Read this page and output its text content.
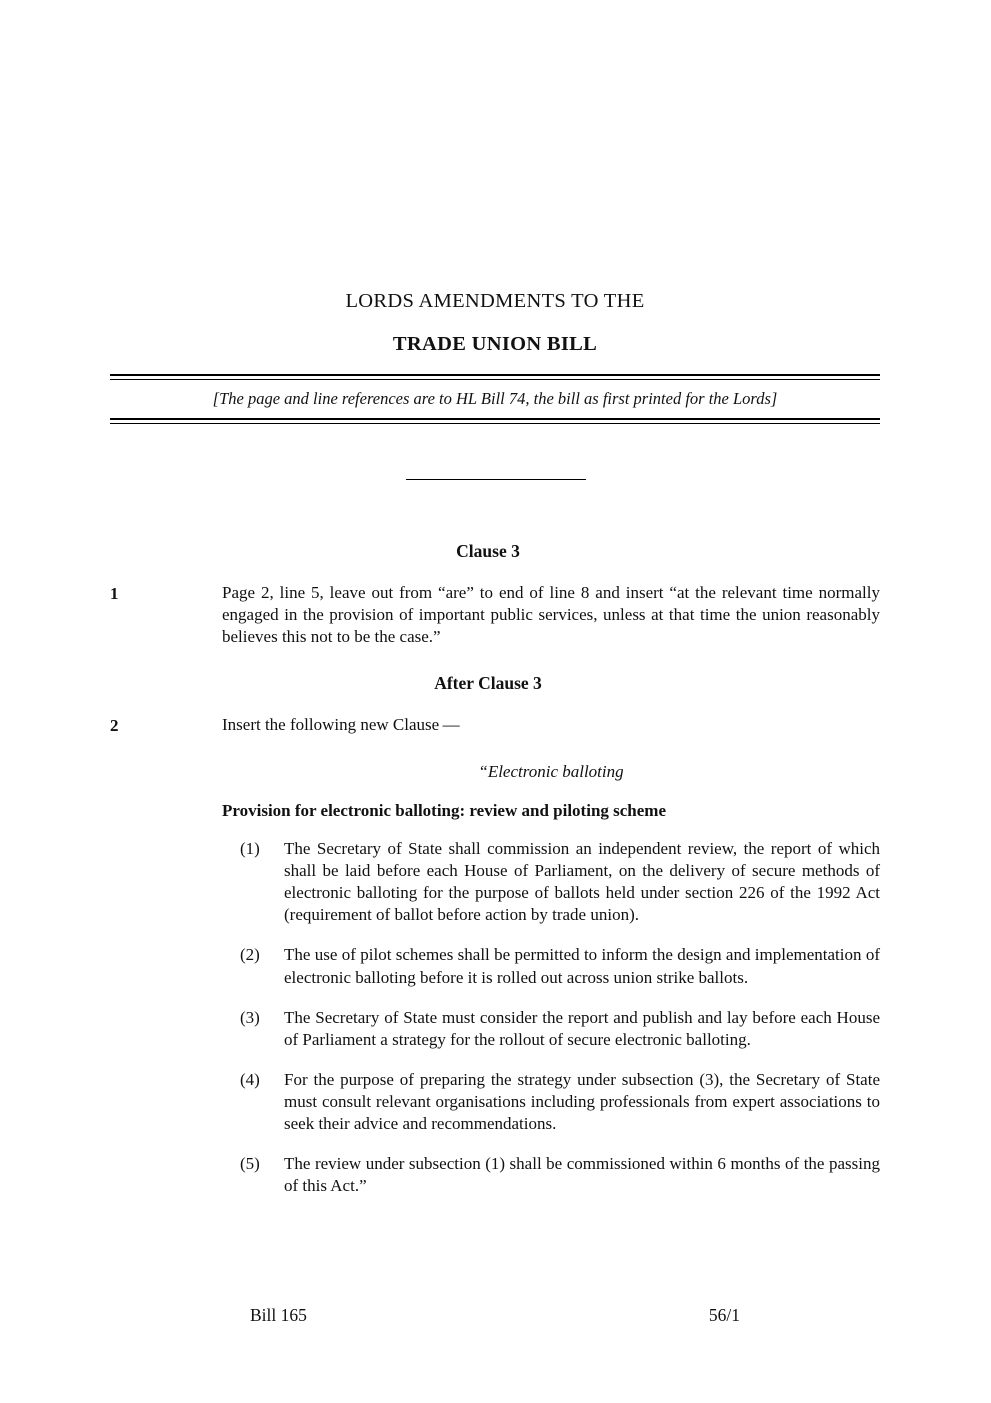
LORDS AMENDMENTS TO THE
TRADE UNION BILL
[The page and line references are to HL Bill 74, the bill as first printed for the Lords]
Clause 3
1	Page 2, line 5, leave out from “are” to end of line 8 and insert “at the relevant time normally engaged in the provision of important public services, unless at that time the union reasonably believes this not to be the case.”
After Clause 3
2	Insert the following new Clause —
“Electronic balloting
Provision for electronic balloting: review and piloting scheme
(1)	The Secretary of State shall commission an independent review, the report of which shall be laid before each House of Parliament, on the delivery of secure methods of electronic balloting for the purpose of ballots held under section 226 of the 1992 Act (requirement of ballot before action by trade union).
(2)	The use of pilot schemes shall be permitted to inform the design and implementation of electronic balloting before it is rolled out across union strike ballots.
(3)	The Secretary of State must consider the report and publish and lay before each House of Parliament a strategy for the rollout of secure electronic balloting.
(4)	For the purpose of preparing the strategy under subsection (3), the Secretary of State must consult relevant organisations including professionals from expert associations to seek their advice and recommendations.
(5)	The review under subsection (1) shall be commissioned within 6 months of the passing of this Act.”
Bill 165	56/1
